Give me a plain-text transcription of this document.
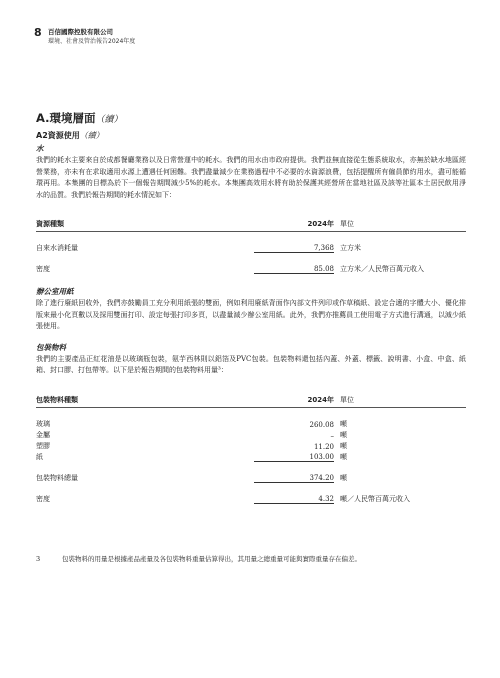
8 百信國際控股有限公司
環境、社會及管治報告2024年度
A.環境層面（續）
A2資源使用（續）
水

我們的耗水主要來自於成都餐廳業務以及日常營運中的耗水。我們的用水由市政府提供。我們並無直接從生態系統取水，亦無於缺水地區經營業務，亦未有在求取適用水源上遭遇任何困難。我們盡量減少在業務過程中不必要的水資源浪費，包括提醒所有僱員節約用水，盡可能循環再用。本集團的目標為於下一個報告期間減少5%的耗水。本集團高效用水將有助於保護其經營所在當地社區及該等社區本土居民飲用淨水的品質。我們於報告期間的耗水情況如下：

資源種類	2024年 單位
自來水消耗量	7,368 立方米
密度	85.08 立方米／人民幣百萬元收入
辦公室用紙

除了進行廢紙回收外，我們亦鼓勵員工充分利用紙張的雙面，例如利用廢紙背面作內部文件列印或作草稿紙、設定合適的字體大小、優化排版來最小化頁數以及採用雙面打印、設定每張打印多頁，以盡量減少辦公室用紙。此外，我們亦推薦員工使用電子方式進行溝通，以減少紙張使用。

包裝物料

我們的主要產品正紅花油是以玻璃瓶包裝，氨芋西林則以鋁箔及PVC包裝。包裝物料還包括內蓋、外蓋、標籤、說明書、小盒、中盒、紙箱、封口膠、打包帶等。以下是於報告期間的包裝物料用量³：

包裝物料種類	2024年 單位
玻璃	260.08 噸
金屬	– 噸
塑膠	11.20 噸
紙	103.00 噸
包裝物料總量	374.20 噸
密度	4.32 噸／人民幣百萬元收入
3	包裝物料的用量是根據產品產量及各包裝物料重量估算得出，其用量之總重量可能與實際重量存在偏差。
